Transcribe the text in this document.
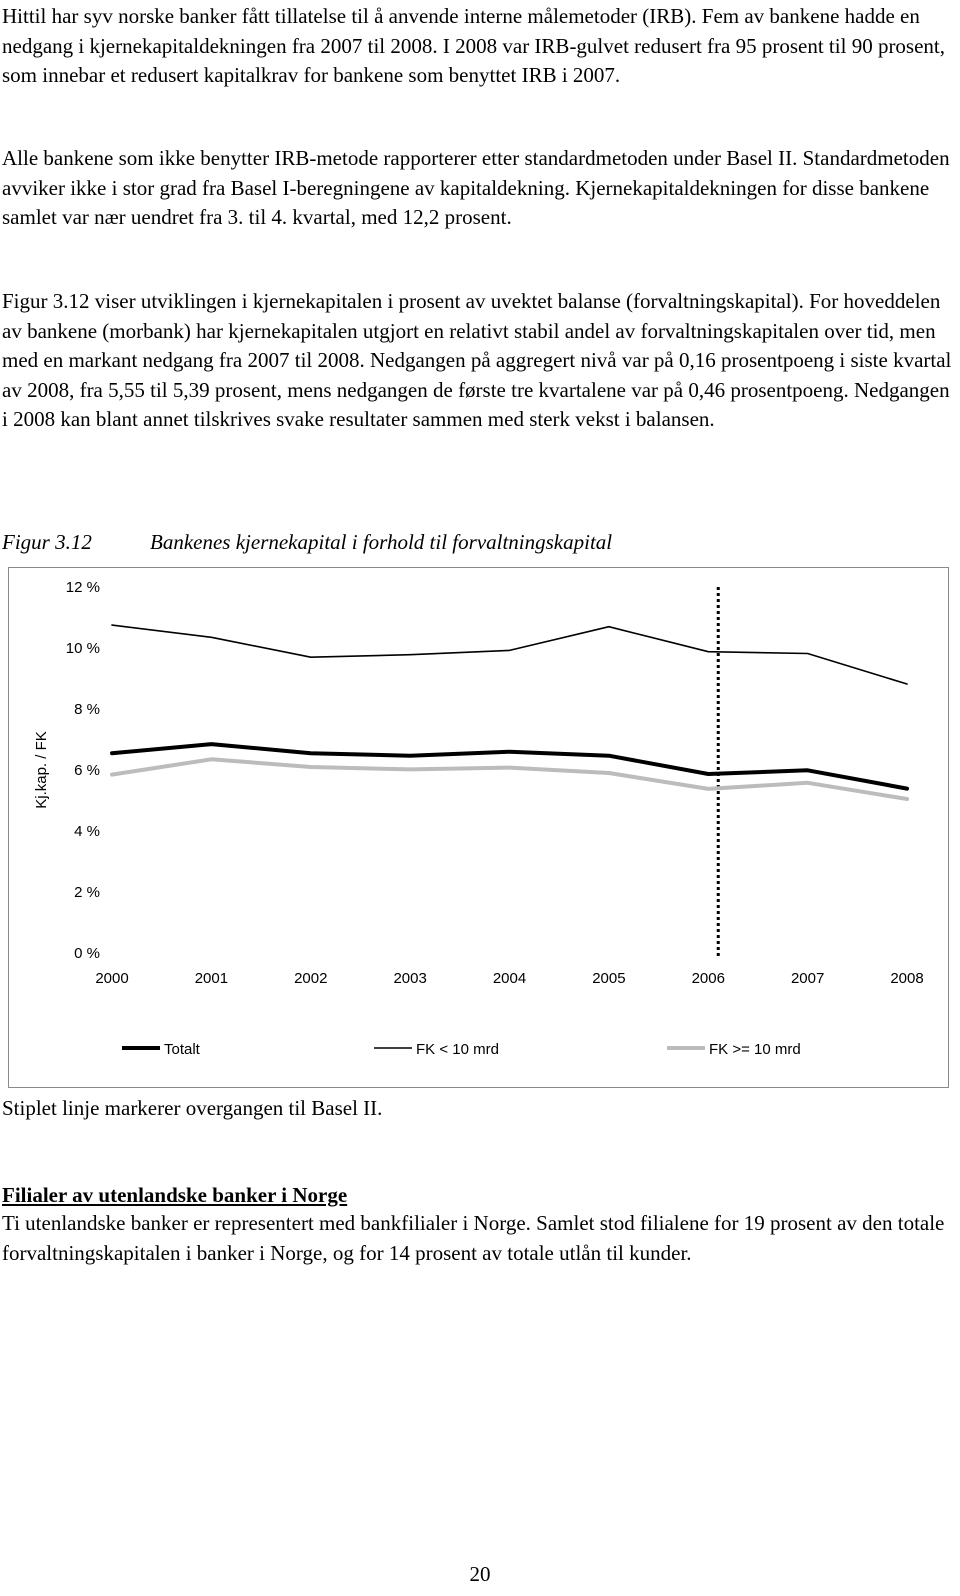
Hittil har syv norske banker fått tillatelse til å anvende interne målemetoder (IRB). Fem av bankene hadde en nedgang i kjernekapitaldekningen fra 2007 til 2008. I 2008 var IRB-gulvet redusert fra 95 prosent til 90 prosent, som innebar et redusert kapitalkrav for bankene som benyttet IRB i 2007.

Alle bankene som ikke benytter IRB-metode rapporterer etter standardmetoden under Basel II. Standardmetoden avviker ikke i stor grad fra Basel I-beregningene av kapitaldekning. Kjernekapitaldekningen for disse bankene samlet var nær uendret fra 3. til 4. kvartal, med 12,2 prosent.

Figur 3.12 viser utviklingen i kjernekapitalen i prosent av uvektet balanse (forvaltningskapital). For hoveddelen av bankene (morbank) har kjernekapitalen utgjort en relativt stabil andel av forvaltningskapitalen over tid, men med en markant nedgang fra 2007 til 2008. Nedgangen på aggregert nivå var på 0,16 prosentpoeng i siste kvartal av 2008, fra 5,55 til 5,39 prosent, mens nedgangen de første tre kvartalene var på 0,46 prosentpoeng. Nedgangen i 2008 kan blant annet tilskrives svake resultater sammen med sterk vekst i balansen.

Figur 3.12	Bankenes kjernekapital i forhold til forvaltningskapital
0 %
2 %
4 %
6 %
8 %
10 %
12 %
Kj.kap. / FK
2000	2001	2002	2003	2004	2005	2006	2007	2008
Totalt	FK < 10 mrd	FK >= 10 mrd
Stiplet linje markerer overgangen til Basel II.
Filialer av utenlandske banker i Norge

Ti utenlandske banker er representert med bankfilialer i Norge. Samlet stod filialene for 19 prosent av den totale forvaltningskapitalen i banker i Norge, og for 14 prosent av totale utlån til kunder.

20
